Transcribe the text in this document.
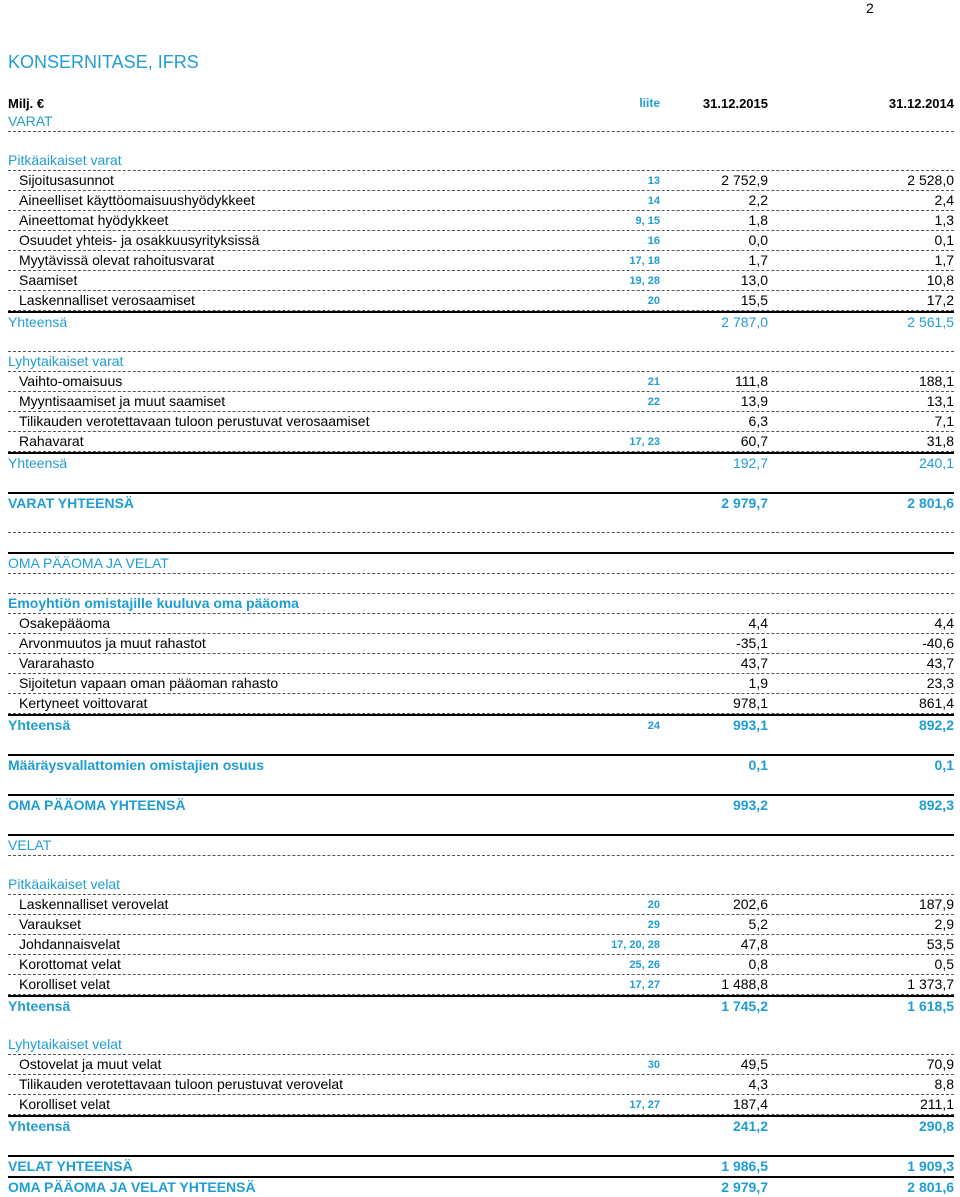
2
KONSERNITASE, IFRS
Milj. €	liite	31.12.2015	31.12.2014
VARAT
Pitkäaikaiset varat
Sijoitusasunnot	13	2 752,9	2 528,0
Aineelliset käyttöomaisuushyödykkeet	14	2,2	2,4
Aineettomat hyödykkeet	9, 15	1,8	1,3
Osuudet yhteis- ja osakkuusyrityksissä	16	0,0	0,1
Myytävissä olevat rahoitusvarat	17, 18	1,7	1,7
Saamiset	19, 28	13,0	10,8
Laskennalliset verosaamiset	20	15,5	17,2
Yhteensä	2 787,0	2 561,5
Lyhytaikaiset varat
Vaihto-omaisuus	21	111,8	188,1
Myyntisaamiset ja muut saamiset	22	13,9	13,1
Tilikauden verotettavaan tuloon perustuvat verosaamiset	6,3	7,1
Rahavarat	17, 23	60,7	31,8
Yhteensä	192,7	240,1
VARAT YHTEENSÄ	2 979,7	2 801,6
OMA PÄÄOMA JA VELAT
Emoyhtiön omistajille kuuluva oma pääoma
Osakepääoma	4,4	4,4
Arvonmuutos ja muut rahastot	-35,1	-40,6
Vararahasto	43,7	43,7
Sijoitetun vapaan oman pääoman rahasto	1,9	23,3
Kertyneet voittovarat	978,1	861,4
Yhteensä	24	993,1	892,2
Määräysvallattomien omistajien osuus	0,1	0,1
OMA PÄÄOMA YHTEENSÄ	993,2	892,3
VELAT
Pitkäaikaiset velat
Laskennalliset verovelat	20	202,6	187,9
Varaukset	29	5,2	2,9
Johdannaisvelat	17, 20, 28	47,8	53,5
Korottomat velat	25, 26	0,8	0,5
Korolliset velat	17, 27	1 488,8	1 373,7
Yhteensä	1 745,2	1 618,5
Lyhytaikaiset velat
Ostovelat ja muut velat	30	49,5	70,9
Tilikauden verotettavaan tuloon perustuvat verovelat	4,3	8,8
Korolliset velat	17, 27	187,4	211,1
Yhteensä	241,2	290,8
VELAT YHTEENSÄ	1 986,5	1 909,3
OMA PÄÄOMA JA VELAT YHTEENSÄ	2 979,7	2 801,6
